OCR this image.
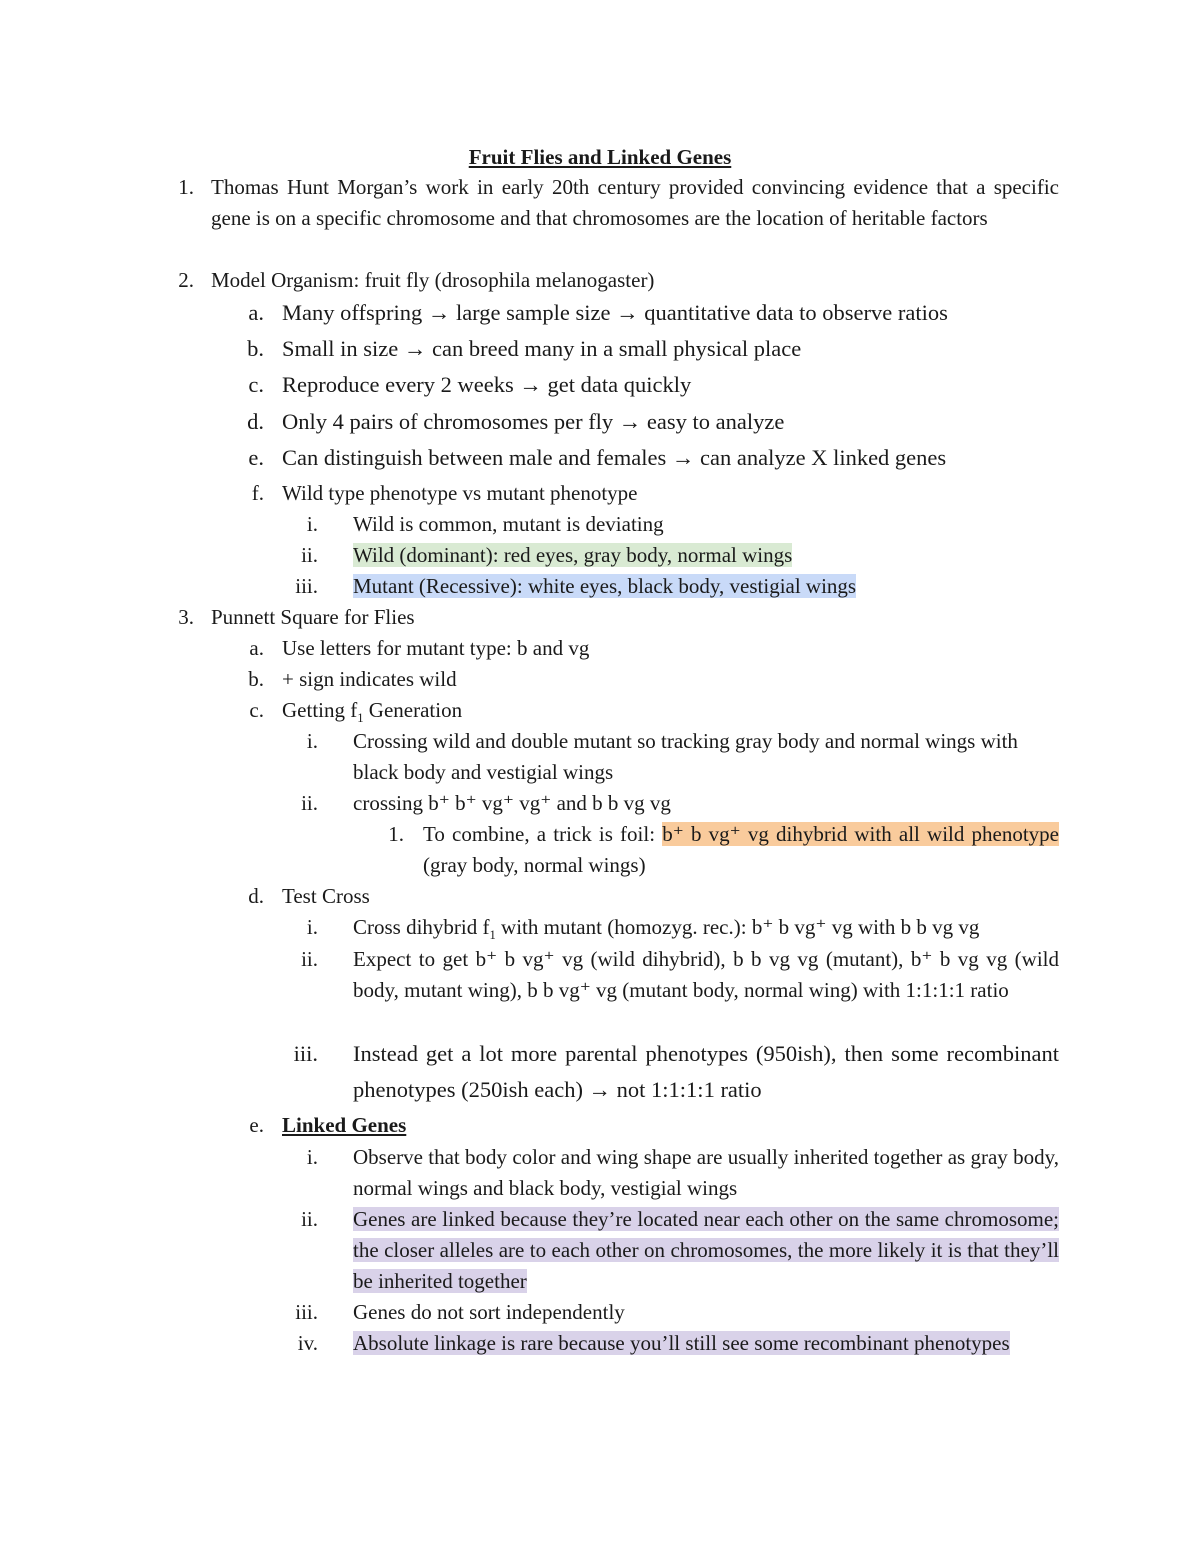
Fruit Flies and Linked Genes
1. Thomas Hunt Morgan’s work in early 20th century provided convincing evidence that a specific gene is on a specific chromosome and that chromosomes are the location of heritable factors
2. Model Organism: fruit fly (drosophila melanogaster)
a. Many offspring → large sample size → quantitative data to observe ratios
b. Small in size → can breed many in a small physical place
c. Reproduce every 2 weeks → get data quickly
d. Only 4 pairs of chromosomes per fly → easy to analyze
e. Can distinguish between male and females → can analyze X linked genes
f. Wild type phenotype vs mutant phenotype
i. Wild is common, mutant is deviating
ii. Wild (dominant): red eyes, gray body, normal wings
iii. Mutant (Recessive): white eyes, black body, vestigial wings
3. Punnett Square for Flies
a. Use letters for mutant type: b and vg
b. + sign indicates wild
c. Getting $f_1$ Generation
i. Crossing wild and double mutant so tracking gray body and normal wings with black body and vestigial wings
ii. crossing b⁺ b⁺ vg⁺ vg⁺ and b b vg vg
1. To combine, a trick is foil: b⁺ b vg⁺ vg dihybrid with all wild phenotype (gray body, normal wings)
d. Test Cross
i. Cross dihybrid $f_1$ with mutant (homozyg. rec.): b⁺ b vg⁺ vg with b b vg vg
ii. Expect to get b⁺ b vg⁺ vg (wild dihybrid), b b vg vg (mutant), b⁺ b vg vg (wild body, mutant wing), b b vg⁺ vg (mutant body, normal wing) with 1:1:1:1 ratio
iii. Instead get a lot more parental phenotypes (950ish), then some recombinant phenotypes (250ish each) → not 1:1:1:1 ratio
e. Linked Genes
i. Observe that body color and wing shape are usually inherited together as gray body, normal wings and black body, vestigial wings
ii. Genes are linked because they’re located near each other on the same chromosome; the closer alleles are to each other on chromosomes, the more likely it is that they’ll be inherited together
iii. Genes do not sort independently
iv. Absolute linkage is rare because you’ll still see some recombinant phenotypes
